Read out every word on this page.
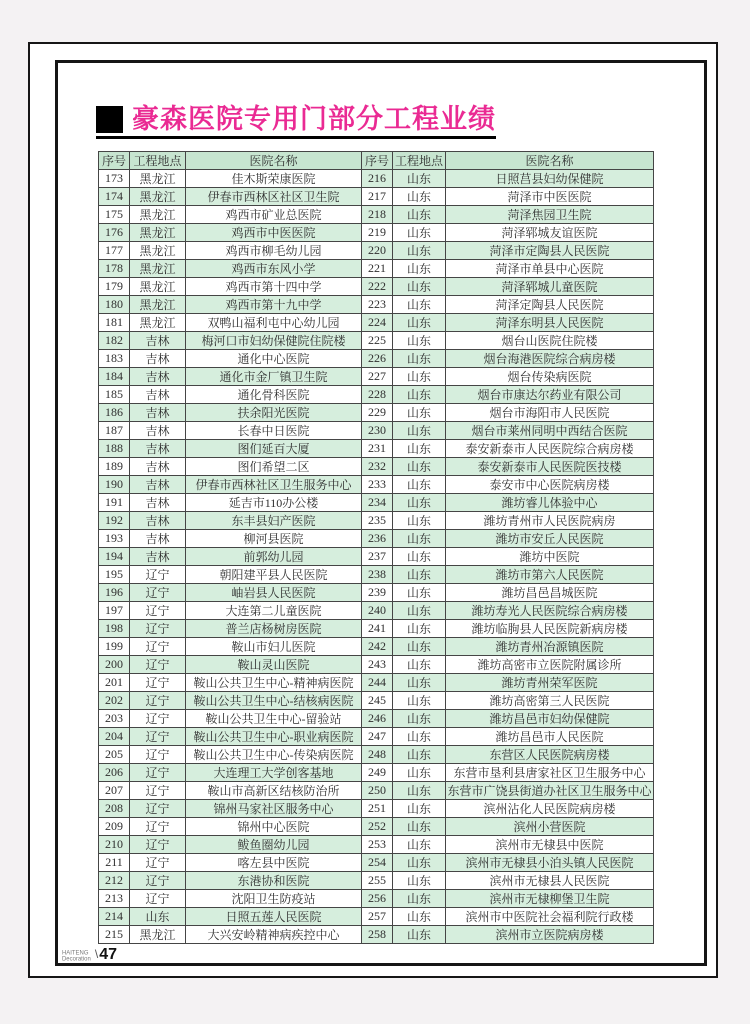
豪森医院专用门部分工程业绩
序号	工程地点	医院名称	序号	工程地点	医院名称
173	黑龙江	佳木斯荣康医院	216	山东	日照莒县妇幼保健院
174	黑龙江	伊春市西林区社区卫生院	217	山东	菏泽市中医医院
175	黑龙江	鸡西市矿业总医院	218	山东	菏泽焦园卫生院
176	黑龙江	鸡西市中医医院	219	山东	菏泽郓城友谊医院
177	黑龙江	鸡西市柳毛幼儿园	220	山东	菏泽市定陶县人民医院
178	黑龙江	鸡西市东风小学	221	山东	菏泽市单县中心医院
179	黑龙江	鸡西市第十四中学	222	山东	菏泽郓城儿童医院
180	黑龙江	鸡西市第十九中学	223	山东	菏泽定陶县人民医院
181	黑龙江	双鸭山福利屯中心幼儿园	224	山东	菏泽东明县人民医院
182	吉林	梅河口市妇幼保健院住院楼	225	山东	烟台山医院住院楼
183	吉林	通化中心医院	226	山东	烟台海港医院综合病房楼
184	吉林	通化市金厂镇卫生院	227	山东	烟台传染病医院
185	吉林	通化骨科医院	228	山东	烟台市康达尔药业有限公司
186	吉林	扶余阳光医院	229	山东	烟台市海阳市人民医院
187	吉林	长春中日医院	230	山东	烟台市莱州同明中西结合医院
188	吉林	图们延百大厦	231	山东	泰安新泰市人民医院综合病房楼
189	吉林	图们希望二区	232	山东	泰安新泰市人民医院医技楼
190	吉林	伊春市西林社区卫生服务中心	233	山东	泰安市中心医院病房楼
191	吉林	延吉市110办公楼	234	山东	潍坊睿儿体验中心
192	吉林	东丰县妇产医院	235	山东	潍坊青州市人民医院病房
193	吉林	柳河县医院	236	山东	潍坊市安丘人民医院
194	吉林	前郭幼儿园	237	山东	潍坊中医院
195	辽宁	朝阳建平县人民医院	238	山东	潍坊市第六人民医院
196	辽宁	岫岩县人民医院	239	山东	潍坊昌邑昌城医院
197	辽宁	大连第二儿童医院	240	山东	潍坊寿光人民医院综合病房楼
198	辽宁	普兰店杨树房医院	241	山东	潍坊临朐县人民医院新病房楼
199	辽宁	鞍山市妇儿医院	242	山东	潍坊青州冶源镇医院
200	辽宁	鞍山灵山医院	243	山东	潍坊高密市立医院附属诊所
201	辽宁	鞍山公共卫生中心-精神病医院	244	山东	潍坊青州荣军医院
202	辽宁	鞍山公共卫生中心-结核病医院	245	山东	潍坊高密第三人民医院
203	辽宁	鞍山公共卫生中心-留验站	246	山东	潍坊昌邑市妇幼保健院
204	辽宁	鞍山公共卫生中心-职业病医院	247	山东	潍坊昌邑市人民医院
205	辽宁	鞍山公共卫生中心-传染病医院	248	山东	东营区人民医院病房楼
206	辽宁	大连理工大学创客基地	249	山东	东营市垦利县唐家社区卫生服务中心
207	辽宁	鞍山市高新区结核防治所	250	山东	东营市广饶县街道办社区卫生服务中心
208	辽宁	锦州马家社区服务中心	251	山东	滨州沾化人民医院病房楼
209	辽宁	锦州中心医院	252	山东	滨州小营医院
210	辽宁	鲅鱼圈幼儿园	253	山东	滨州市无棣县中医院
211	辽宁	喀左县中医院	254	山东	滨州市无棣县小泊头镇人民医院
212	辽宁	东港协和医院	255	山东	滨州市无棣县人民医院
213	辽宁	沈阳卫生防疫站	256	山东	滨州市无棣柳堡卫生院
214	山东	日照五莲人民医院	257	山东	滨州市中医院社会福利院行政楼
215	黑龙江	大兴安岭精神病疾控中心	258	山东	滨州市立医院病房楼
HAITENG
Decoration \ 47
